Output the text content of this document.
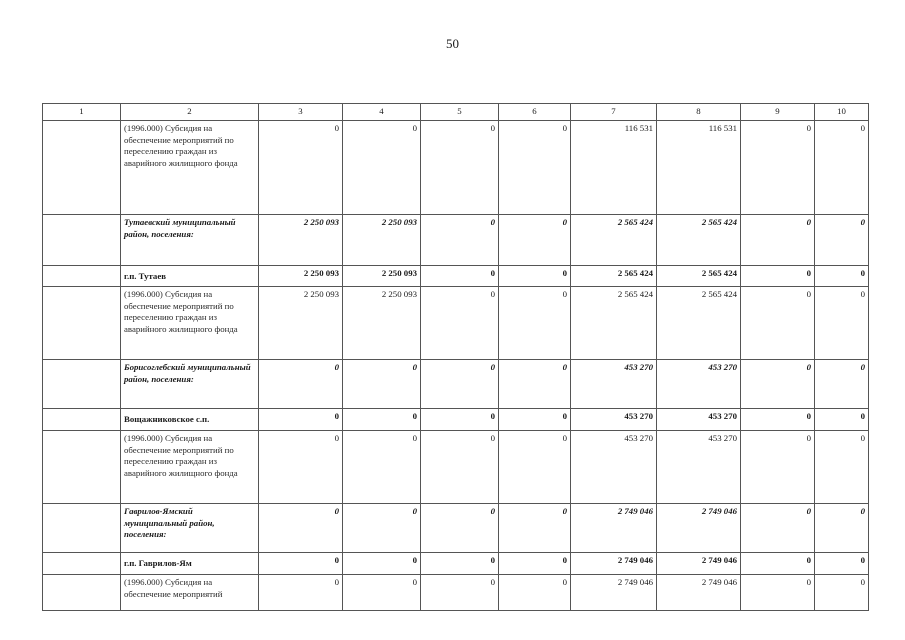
50
1	2	3	4	5	6	7	8	9	10
	(1996.000) Субсидия на обеспечение мероприятий по переселению граждан из аварийного жилищного фонда	0	0	0	0	116 531	116 531	0	0
	Тутаевский муниципальный район, поселения:	2 250 093	2 250 093	0	0	2 565 424	2 565 424	0	0
	г.п. Тутаев	2 250 093	2 250 093	0	0	2 565 424	2 565 424	0	0
	(1996.000) Субсидия на обеспечение мероприятий по переселению граждан из аварийного жилищного фонда	2 250 093	2 250 093	0	0	2 565 424	2 565 424	0	0
	Борисоглебский муниципальный район, поселения:	0	0	0	0	453 270	453 270	0	0
	Вощажниковское с.п.	0	0	0	0	453 270	453 270	0	0
	(1996.000) Субсидия на обеспечение мероприятий по переселению граждан из аварийного жилищного фонда	0	0	0	0	453 270	453 270	0	0
	Гаврилов-Ямский муниципальный район, поселения:	0	0	0	0	2 749 046	2 749 046	0	0
	г.п. Гаврилов-Ям	0	0	0	0	2 749 046	2 749 046	0	0
	(1996.000) Субсидия на обеспечение мероприятий	0	0	0	0	2 749 046	2 749 046	0	0
